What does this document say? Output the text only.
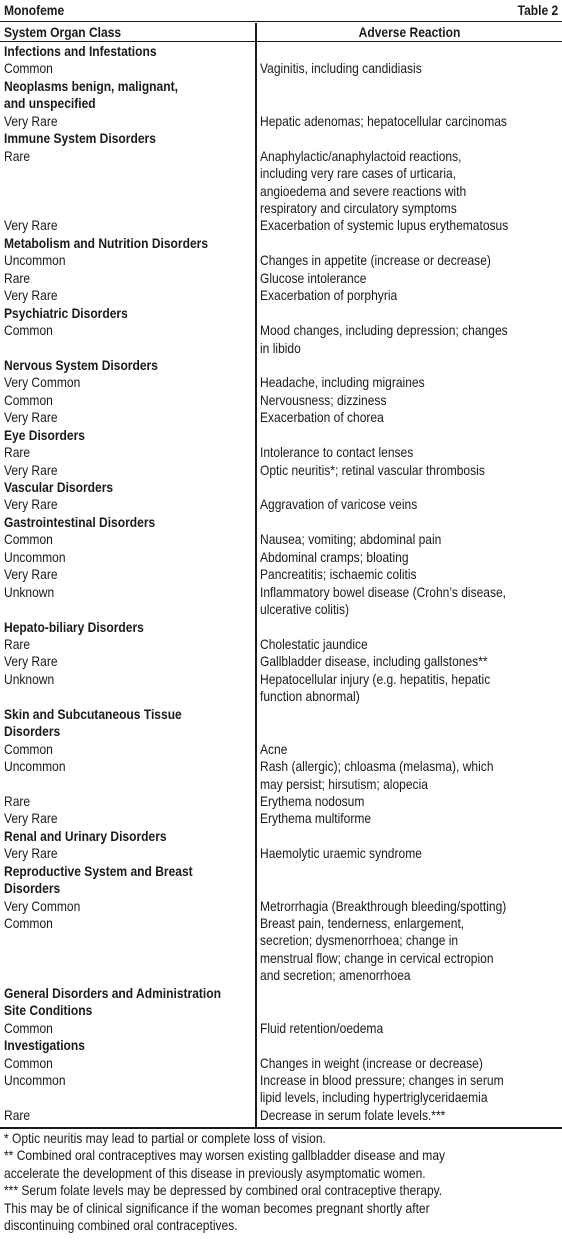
Monofeme	Table 2
System Organ Class	Adverse Reaction
Infections and Infestations
Common	Vaginitis, including candidiasis
Neoplasms benign, malignant,
and unspecified
Very Rare	Hepatic adenomas; hepatocellular carcinomas
Immune System Disorders
Rare	Anaphylactic/anaphylactoid reactions,
including very rare cases of urticaria,
angioedema and severe reactions with
respiratory and circulatory symptoms
Very Rare	Exacerbation of systemic lupus erythematosus
Metabolism and Nutrition Disorders
Uncommon	Changes in appetite (increase or decrease)
Rare	Glucose intolerance
Very Rare	Exacerbation of porphyria
Psychiatric Disorders
Common	Mood changes, including depression; changes
in libido
Nervous System Disorders
Very Common	Headache, including migraines
Common	Nervousness; dizziness
Very Rare	Exacerbation of chorea
Eye Disorders
Rare	Intolerance to contact lenses
Very Rare	Optic neuritis*; retinal vascular thrombosis
Vascular Disorders
Very Rare	Aggravation of varicose veins
Gastrointestinal Disorders
Common	Nausea; vomiting; abdominal pain
Uncommon	Abdominal cramps; bloating
Very Rare	Pancreatitis; ischaemic colitis
Unknown	Inflammatory bowel disease (Crohn’s disease,
ulcerative colitis)
Hepato-biliary Disorders
Rare	Cholestatic jaundice
Very Rare	Gallbladder disease, including gallstones**
Unknown	Hepatocellular injury (e.g. hepatitis, hepatic
function abnormal)
Skin and Subcutaneous Tissue
Disorders
Common	Acne
Uncommon	Rash (allergic); chloasma (melasma), which
may persist; hirsutism; alopecia
Rare	Erythema nodosum
Very Rare	Erythema multiforme
Renal and Urinary Disorders
Very Rare	Haemolytic uraemic syndrome
Reproductive System and Breast
Disorders
Very Common	Metrorrhagia (Breakthrough bleeding/spotting)
Common	Breast pain, tenderness, enlargement,
secretion; dysmenorrhoea; change in
menstrual flow; change in cervical ectropion
and secretion; amenorrhoea
General Disorders and Administration
Site Conditions
Common	Fluid retention/oedema
Investigations
Common	Changes in weight (increase or decrease)
Uncommon	Increase in blood pressure; changes in serum
lipid levels, including hypertriglyceridaemia
Rare	Decrease in serum folate levels.***
* Optic neuritis may lead to partial or complete loss of vision.
** Combined oral contraceptives may worsen existing gallbladder disease and may
accelerate the development of this disease in previously asymptomatic women.
*** Serum folate levels may be depressed by combined oral contraceptive therapy.
This may be of clinical significance if the woman becomes pregnant shortly after
discontinuing combined oral contraceptives.
